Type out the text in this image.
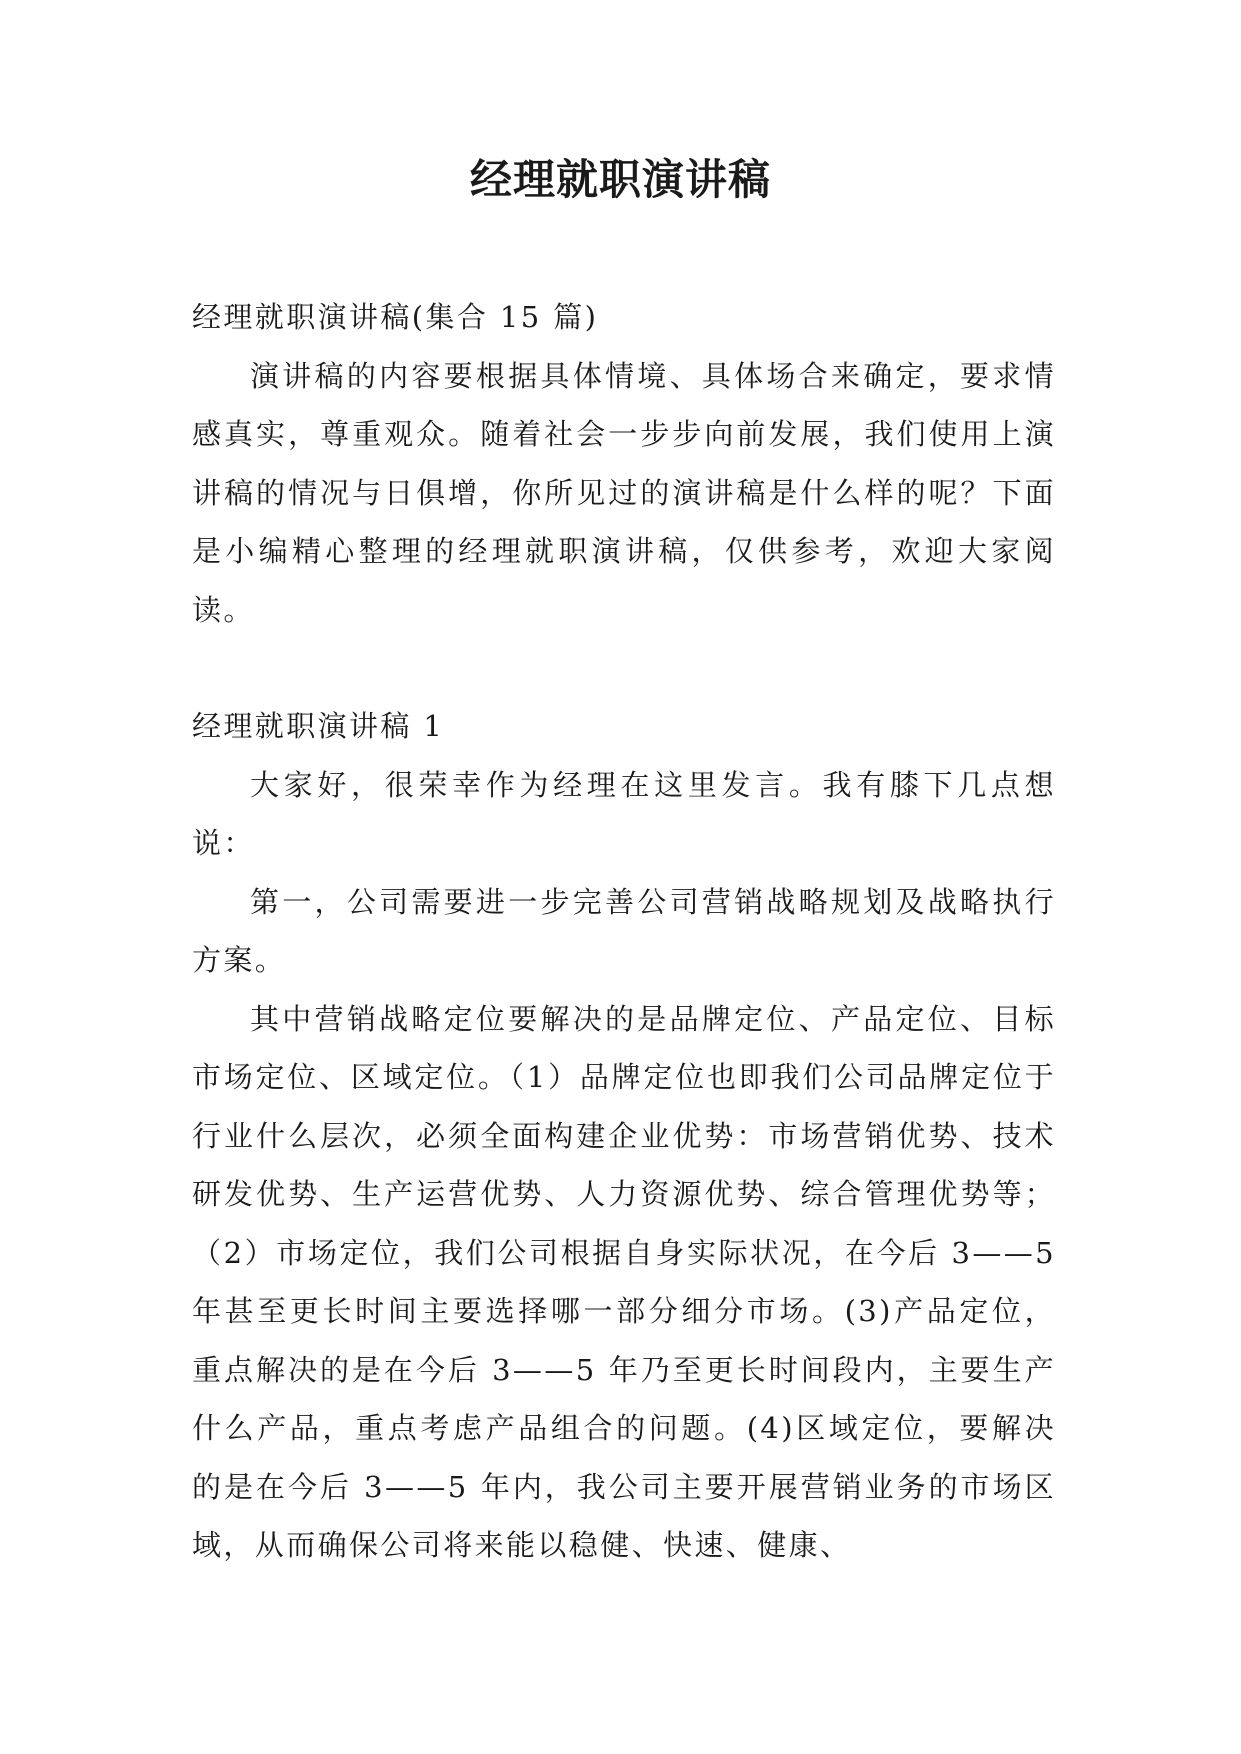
经理就职演讲稿

经理就职演讲稿(集合 15 篇)

演讲稿的内容要根据具体情境、具体场合来确定，要求情感真实，尊重观众。随着社会一步步向前发展，我们使用上演讲稿的情况与日俱增，你所见过的演讲稿是什么样的呢？下面是小编精心整理的经理就职演讲稿，仅供参考，欢迎大家阅读。

经理就职演讲稿 1

大家好，很荣幸作为经理在这里发言。我有膝下几点想说：

第一，公司需要进一步完善公司营销战略规划及战略执行方案。

其中营销战略定位要解决的是品牌定位、产品定位、目标市场定位、区域定位。（1）品牌定位也即我们公司品牌定位于行业什么层次，必须全面构建企业优势：市场营销优势、技术研发优势、生产运营优势、人力资源优势、综合管理优势等；（2）市场定位，我们公司根据自身实际状况，在今后 3——5 年甚至更长时间主要选择哪一部分细分市场。(3)产品定位，重点解决的是在今后 3——5 年乃至更长时间段内，主要生产什么产品，重点考虑产品组合的问题。(4)区域定位，要解决的是在今后 3——5 年内，我公司主要开展营销业务的市场区域，从而确保公司将来能以稳健、快速、健康、
